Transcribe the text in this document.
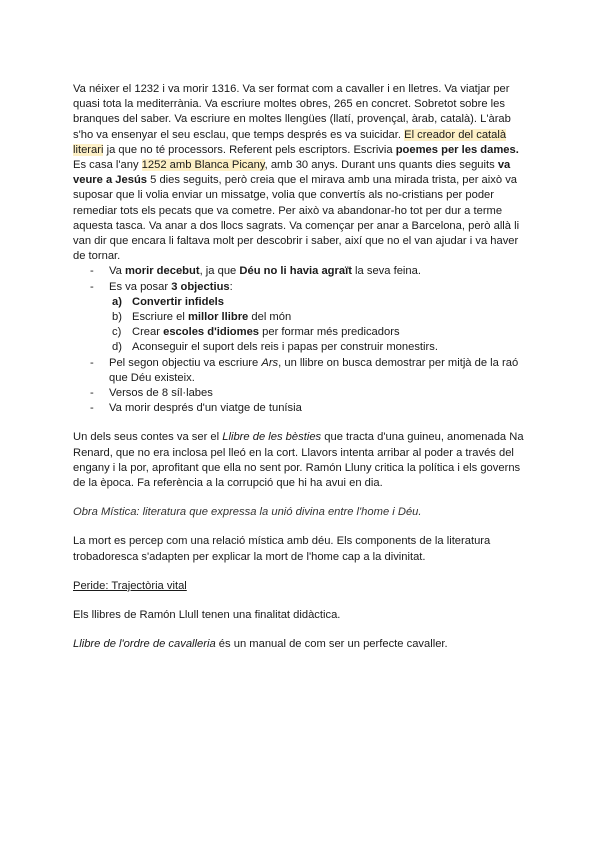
Va néixer el 1232 i va morir 1316. Va ser format com a cavaller i en lletres. Va viatjar per quasi tota la mediterrània. Va escriure moltes obres, 265 en concret. Sobretot sobre les branques del saber. Va escriure en moltes llengües (llatí, provençal, àrab, català). L'àrab s'ho va ensenyar el seu esclau, que temps després es va suicidar. El creador del català literari ja que no té processors. Referent pels escriptors. Escrivia poemes per les dames. Es casa l'any 1252 amb Blanca Picany, amb 30 anys. Durant uns quants dies seguits va veure a Jesús 5 dies seguits, però creia que el mirava amb una mirada trista, per això va suposar que li volia enviar un missatge, volia que convertís als no-cristians per poder remediar tots els pecats que va cometre. Per això va abandonar-ho tot per dur a terme aquesta tasca. Va anar a dos llocs sagrats. Va començar per anar a Barcelona, però allà li van dir que encara li faltava molt per descobrir i saber, així que no el van ajudar i va haver de tornar.

- Va morir decebut, ja que Déu no li havia agraït la seva feina.
- Es va posar 3 objectius:
a) Convertir infidels
b) Escriure el millor llibre del món
c) Crear escoles d'idiomes per formar més predicadors
d) Aconseguir el suport dels reis i papas per construir monestirs.
- Pel segon objectiu va escriure Ars, un llibre on busca demostrar per mitjà de la raó que Déu existeix.
- Versos de 8 síl·labes
- Va morir després d'un viatge de tunísia

Un dels seus contes va ser el Llibre de les bèsties que tracta d'una guineu, anomenada Na Renard, que no era inclosa pel lleó en la cort. Llavors intenta arribar al poder a través del engany i la por, aprofitant que ella no sent por. Ramón Lluny critica la política i els governs de la època. Fa referència a la corrupció que hi ha avui en dia.

Obra Mística: literatura que expressa la unió divina entre l'home i Déu.

La mort es percep com una relació mística amb déu. Els components de la literatura trobadoresca s'adapten per explicar la mort de l'home cap a la divinitat.

Peride: Trajectòria vital

Els llibres de Ramón Llull tenen una finalitat didàctica.

Llibre de l'ordre de cavalleria és un manual de com ser un perfecte cavaller.
